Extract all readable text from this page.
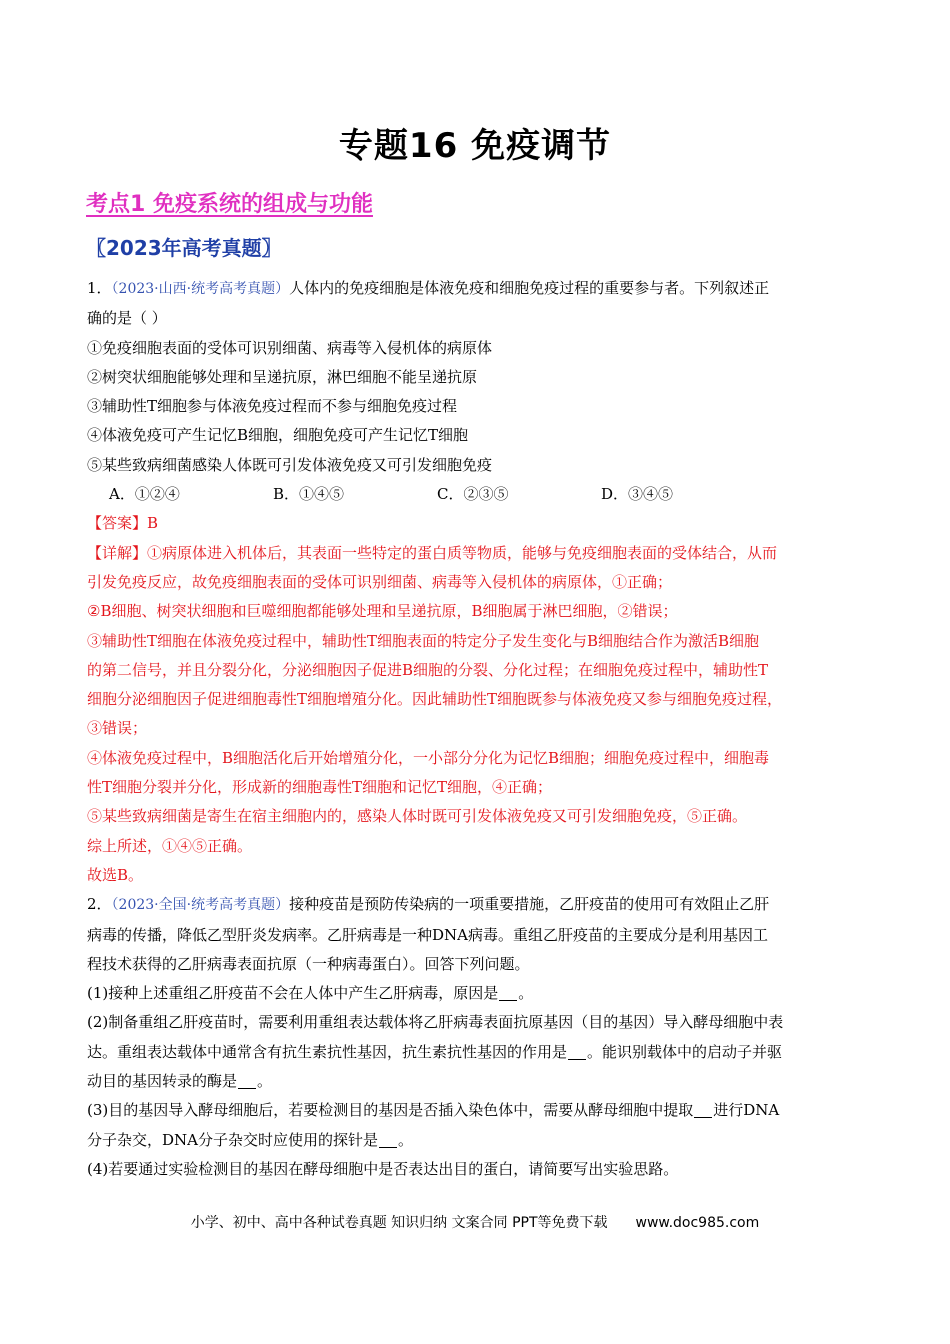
专题16 免疫调节
考点1 免疫系统的组成与功能
〖2023年高考真题〗

1．（2023·山西·统考高考真题）人体内的免疫细胞是体液免疫和细胞免疫过程的重要参与者。下列叙述正

确的是（ ）

①免疫细胞表面的受体可识别细菌、病毒等入侵机体的病原体

②树突状细胞能够处理和呈递抗原，淋巴细胞不能呈递抗原

③辅助性T细胞参与体液免疫过程而不参与细胞免疫过程

④体液免疫可产生记忆B细胞，细胞免疫可产生记忆T细胞

⑤某些致病细菌感染人体既可引发体液免疫又可引发细胞免疫

A．①②④	B．①④⑤	C．②③⑤	D．③④⑤

【答案】B

【详解】①病原体进入机体后，其表面一些特定的蛋白质等物质，能够与免疫细胞表面的受体结合，从而

引发免疫反应，故免疫细胞表面的受体可识别细菌、病毒等入侵机体的病原体，①正确；

②B细胞、树突状细胞和巨噬细胞都能够处理和呈递抗原，B细胞属于淋巴细胞，②错误；

③辅助性T细胞在体液免疫过程中，辅助性T细胞表面的特定分子发生变化与B细胞结合作为激活B细胞

的第二信号，并且分裂分化，分泌细胞因子促进B细胞的分裂、分化过程；在细胞免疫过程中，辅助性T

细胞分泌细胞因子促进细胞毒性T细胞增殖分化。因此辅助性T细胞既参与体液免疫又参与细胞免疫过程，

③错误；

④体液免疫过程中，B细胞活化后开始增殖分化，一小部分分化为记忆B细胞；细胞免疫过程中，细胞毒

性T细胞分裂并分化，形成新的细胞毒性T细胞和记忆T细胞，④正确；

⑤某些致病细菌是寄生在宿主细胞内的，感染人体时既可引发体液免疫又可引发细胞免疫，⑤正确。

综上所述，①④⑤正确。

故选B。

2．（2023·全国·统考高考真题）接种疫苗是预防传染病的一项重要措施，乙肝疫苗的使用可有效阻止乙肝

病毒的传播，降低乙型肝炎发病率。乙肝病毒是一种DNA病毒。重组乙肝疫苗的主要成分是利用基因工

程技术获得的乙肝病毒表面抗原（一种病毒蛋白）。回答下列问题。

(1)接种上述重组乙肝疫苗不会在人体中产生乙肝病毒，原因是 。

(2)制备重组乙肝疫苗时，需要利用重组表达载体将乙肝病毒表面抗原基因（目的基因）导入酵母细胞中表

达。重组表达载体中通常含有抗生素抗性基因，抗生素抗性基因的作用是 。能识别载体中的启动子并驱

动目的基因转录的酶是 。

(3)目的基因导入酵母细胞后，若要检测目的基因是否插入染色体中，需要从酵母细胞中提取 进行DNA

分子杂交，DNA分子杂交时应使用的探针是 。

(4)若要通过实验检测目的基因在酵母细胞中是否表达出目的蛋白，请简要写出实验思路。

小学、初中、高中各种试卷真题 知识归纳 文案合同 PPT等免费下载 www.doc985.com
